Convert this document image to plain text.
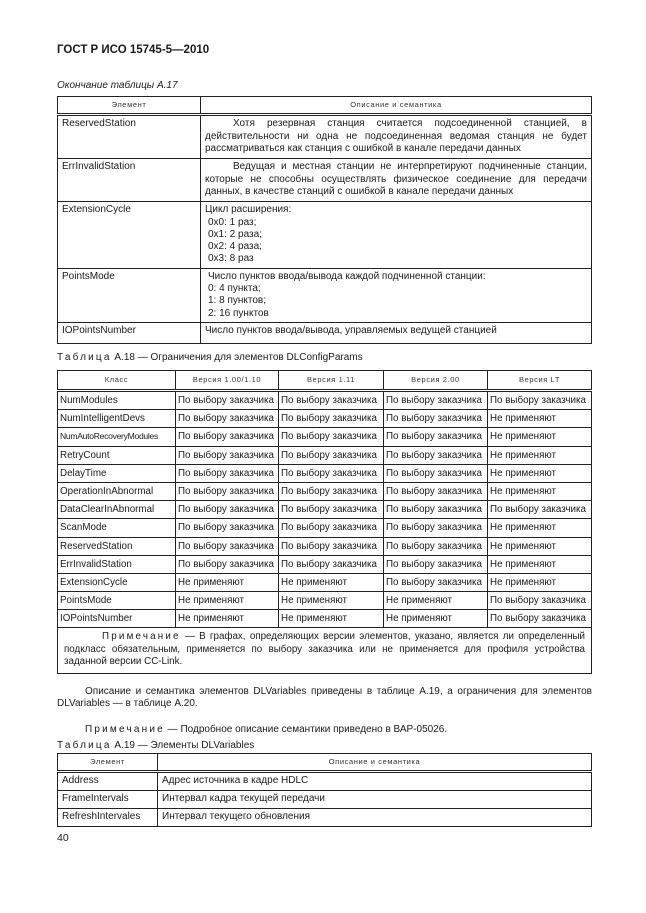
ГОСТ Р ИСО 15745-5—2010
Окончание таблицы А.17
Элемент	Описание и семантика
ReservedStation	Хотя резервная станция считается подсоединенной станцией, в действительности ни одна не подсоединенная ведомая станция не будет рассматриваться как станция с ошибкой в канале передачи данных
ErrInvalidStation	Ведущая и местная станции не интерпретируют подчиненные станции, которые не способны осуществлять физическое соединение для передачи данных, в качестве станций с ошибкой в канале передачи данных
ExtensionCycle	Цикл расширения:
0x0: 1 раз;
0x1: 2 раза;
0x2: 4 раза;
0x3: 8 раз

PointsMode	Число пунктов ввода/вывода каждой подчиненной станции:
0: 4 пункта;
1: 8 пунктов;
2: 16 пунктов

IOPointsNumber	Число пунктов ввода/вывода, управляемых ведущей станцией
Таблица А.18 — Ограничения для элементов DLConfigParams
Класс	Версия 1.00/1.10	Версия 1.11	Версия 2.00	Версия LT
NumModules	По выбору заказчика	По выбору заказчика	По выбору заказчика	По выбору заказчика
NumIntelligentDevs	По выбору заказчика	По выбору заказчика	По выбору заказчика	Не применяют
NumAutoRecoveryModules	По выбору заказчика	По выбору заказчика	По выбору заказчика	Не применяют
RetryCount	По выбору заказчика	По выбору заказчика	По выбору заказчика	Не применяют
DelayTime	По выбору заказчика	По выбору заказчика	По выбору заказчика	Не применяют
OperationInAbnormal	По выбору заказчика	По выбору заказчика	По выбору заказчика	Не применяют
DataClearInAbnormal	По выбору заказчика	По выбору заказчика	По выбору заказчика	По выбору заказчика
ScanMode	По выбору заказчика	По выбору заказчика	По выбору заказчика	Не применяют
ReservedStation	По выбору заказчика	По выбору заказчика	По выбору заказчика	Не применяют
ErrInvalidStation	По выбору заказчика	По выбору заказчика	По выбору заказчика	Не применяют
ExtensionCycle	Не применяют	Не применяют	По выбору заказчика	Не применяют
PointsMode	Не применяют	Не применяют	Не применяют	По выбору заказчика
IOPointsNumber	Не применяют	Не применяют	Не применяют	По выбору заказчика
Примечание — В графах, определяющих версии элементов, указано, является ли определенный подкласс обязательным, применяется по выбору заказчика или не применяется для профиля устройства заданной версии CC-Link.				
Описание и семантика элементов DLVariables приведены в таблице А.19, а ограничения для элементов DLVariables — в таблице А.20.
Примечание — Подробное описание семантики приведено в ВАР-05026.
Таблица А.19 — Элементы DLVariables
Элемент	Описание и семантика
Address	Адрес источника в кадре HDLC
FrameIntervals	Интервал кадра текущей передачи
RefreshIntervales	Интервал текущего обновления
40
